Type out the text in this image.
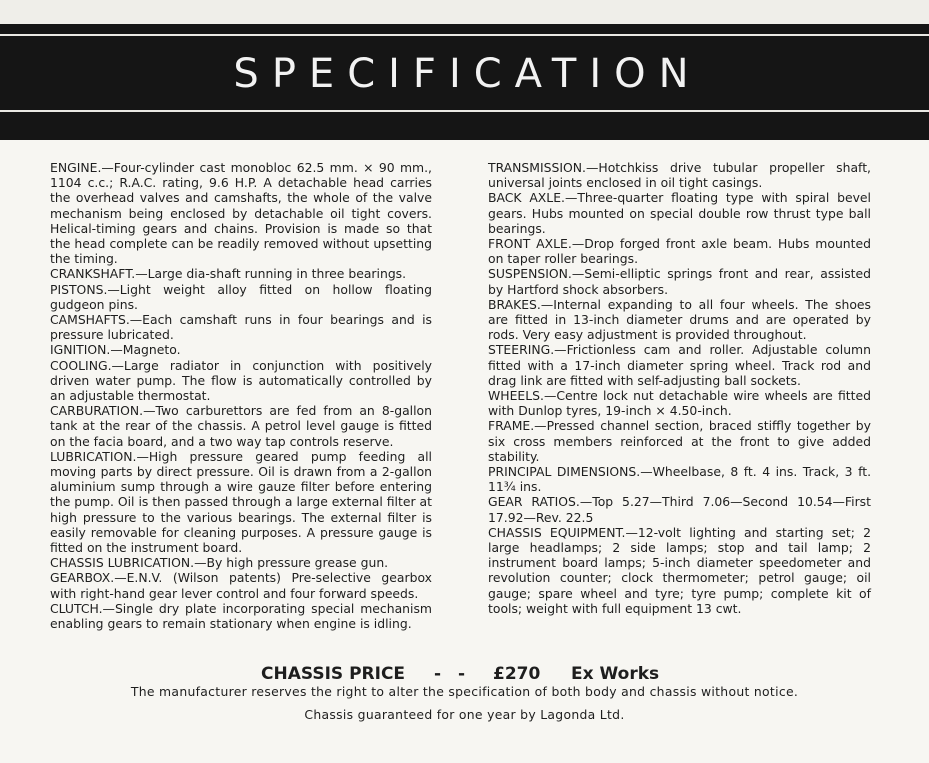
SPECIFICATION

ENGINE.—Four-cylinder cast monobloc 62.5 mm. × 90 mm., 1104 c.c.; R.A.C. rating, 9.6 H.P. A detachable head carries the overhead valves and camshafts, the whole of the valve mechanism being enclosed by detachable oil tight covers. Helical-timing gears and chains. Provision is made so that the head complete can be readily removed without upsetting the timing.

CRANKSHAFT.—Large dia-shaft running in three bearings.

PISTONS.—Light weight alloy fitted on hollow floating gudgeon pins.

CAMSHAFTS.—Each camshaft runs in four bearings and is pressure lubricated.

IGNITION.—Magneto.

COOLING.—Large radiator in conjunction with positively driven water pump. The flow is automatically controlled by an adjustable thermostat.

CARBURATION.—Two carburettors are fed from an 8-gallon tank at the rear of the chassis. A petrol level gauge is fitted on the facia board, and a two way tap controls reserve.

LUBRICATION.—High pressure geared pump feeding all moving parts by direct pressure. Oil is drawn from a 2-gallon aluminium sump through a wire gauze filter before entering the pump. Oil is then passed through a large external filter at high pressure to the various bearings. The external filter is easily removable for cleaning purposes. A pressure gauge is fitted on the instrument board.

CHASSIS LUBRICATION.—By high pressure grease gun.

GEARBOX.—E.N.V. (Wilson patents) Pre-selective gearbox with right-hand gear lever control and four forward speeds.

CLUTCH.—Single dry plate incorporating special mechanism enabling gears to remain stationary when engine is idling.

TRANSMISSION.—Hotchkiss drive tubular propeller shaft, universal joints enclosed in oil tight casings.

BACK AXLE.—Three-quarter floating type with spiral bevel gears. Hubs mounted on special double row thrust type ball bearings.

FRONT AXLE.—Drop forged front axle beam. Hubs mounted on taper roller bearings.

SUSPENSION.—Semi-elliptic springs front and rear, assisted by Hartford shock absorbers.

BRAKES.—Internal expanding to all four wheels. The shoes are fitted in 13-inch diameter drums and are operated by rods. Very easy adjustment is provided throughout.

STEERING.—Frictionless cam and roller. Adjustable column fitted with a 17-inch diameter spring wheel. Track rod and drag link are fitted with self-adjusting ball sockets.

WHEELS.—Centre lock nut detachable wire wheels are fitted with Dunlop tyres, 19-inch × 4.50-inch.

FRAME.—Pressed channel section, braced stiffly together by six cross members reinforced at the front to give added stability.

PRINCIPAL DIMENSIONS.—Wheelbase, 8 ft. 4 ins. Track, 3 ft. 11¾ ins.

GEAR RATIOS.—Top 5.27—Third 7.06—Second 10.54—First 17.92—Rev. 22.5

CHASSIS EQUIPMENT.—12-volt lighting and starting set; 2 large headlamps; 2 side lamps; stop and tail lamp; 2 instrument board lamps; 5-inch diameter speedometer and revolution counter; clock thermometer; petrol gauge; oil gauge; spare wheel and tyre; tyre pump; complete kit of tools; weight with full equipment 13 cwt.

CHASSIS PRICE - - £270 Ex Works
The manufacturer reserves the right to alter the specification of both body and chassis without notice.
Chassis guaranteed for one year by Lagonda Ltd.
